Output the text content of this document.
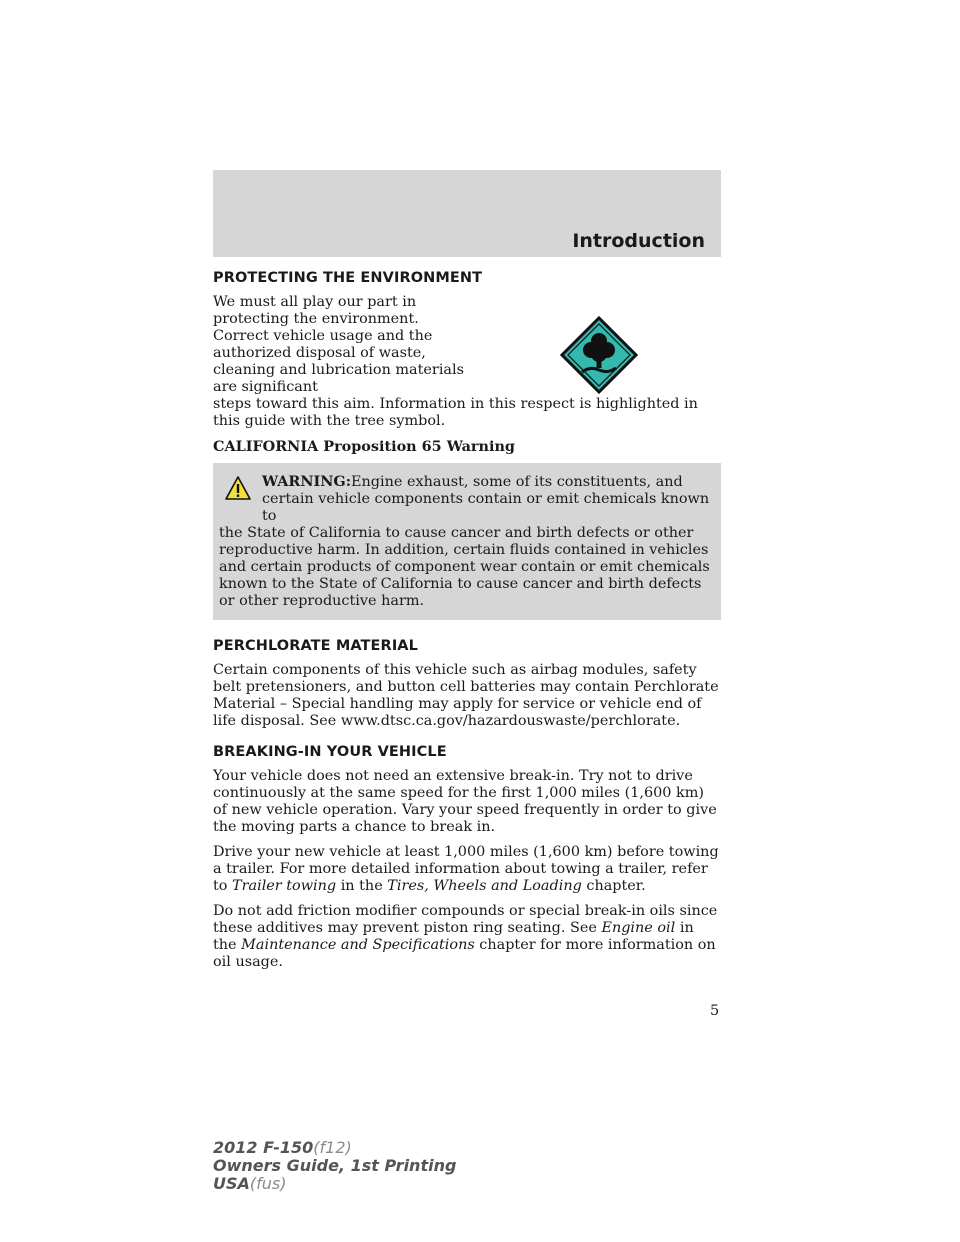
Introduction
PROTECTING THE ENVIRONMENT

We must all play our part in protecting the environment. Correct vehicle usage and the authorized disposal of waste, cleaning and lubrication materials are significant

steps toward this aim. Information in this respect is highlighted in this guide with the tree symbol.

CALIFORNIA Proposition 65 Warning

WARNING:Engine exhaust, some of its constituents, and certain vehicle components contain or emit chemicals known to

the State of California to cause cancer and birth defects or other reproductive harm. In addition, certain fluids contained in vehicles and certain products of component wear contain or emit chemicals known to the State of California to cause cancer and birth defects or other reproductive harm.

PERCHLORATE MATERIAL

Certain components of this vehicle such as airbag modules, safety belt pretensioners, and button cell batteries may contain Perchlorate Material – Special handling may apply for service or vehicle end of life disposal. See www.dtsc.ca.gov/hazardouswaste/perchlorate.

BREAKING-IN YOUR VEHICLE

Your vehicle does not need an extensive break-in. Try not to drive continuously at the same speed for the first 1,000 miles (1,600 km) of new vehicle operation. Vary your speed frequently in order to give the moving parts a chance to break in.

Drive your new vehicle at least 1,000 miles (1,600 km) before towing a trailer. For more detailed information about towing a trailer, refer to Trailer towing in the Tires, Wheels and Loading chapter.

Do not add friction modifier compounds or special break-in oils since these additives may prevent piston ring seating. See Engine oil in the Maintenance and Specifications chapter for more information on oil usage.

5
2012 F-150(f12)
Owners Guide, 1st Printing
USA(fus)
